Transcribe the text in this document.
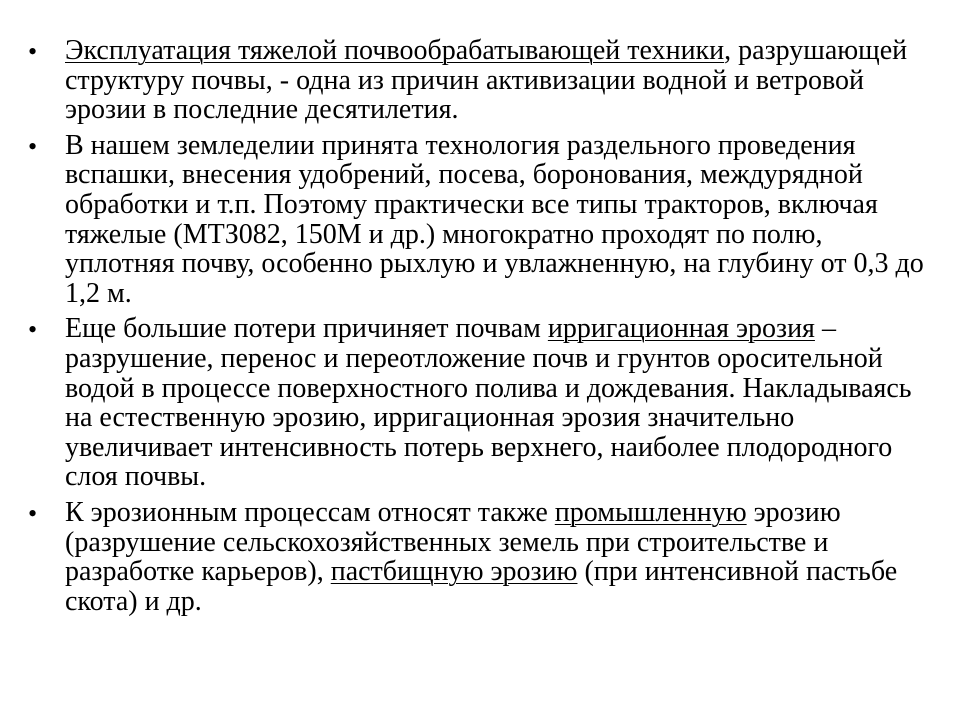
• Эксплуатация тяжелой почвообрабатывающей техники, разрушающей структуру почвы, - одна из причин активизации водной и ветровой эрозии в последние десятилетия.
• В нашем земледелии принята технология раздельного проведения вспашки, внесения удобрений, посева, боронования, междурядной обработки и т.п. Поэтому практически все типы тракторов, включая тяжелые (МТЗ082, 150М и др.) многократно проходят по полю, уплотняя почву, особенно рыхлую и увлажненную, на глубину от 0,3 до 1,2 м.
• Еще большие потери причиняет почвам ирригационная эрозия – разрушение, перенос и переотложение почв и грунтов оросительной водой в процессе поверхностного полива и дождевания. Накладываясь на естественную эрозию, ирригационная эрозия значительно увеличивает интенсивность потерь верхнего, наиболее плодородного слоя почвы.
• К эрозионным процессам относят также промышленную эрозию (разрушение сельскохозяйственных земель при строительстве и разработке карьеров), пастбищную эрозию (при интенсивной пастьбе скота) и др.
